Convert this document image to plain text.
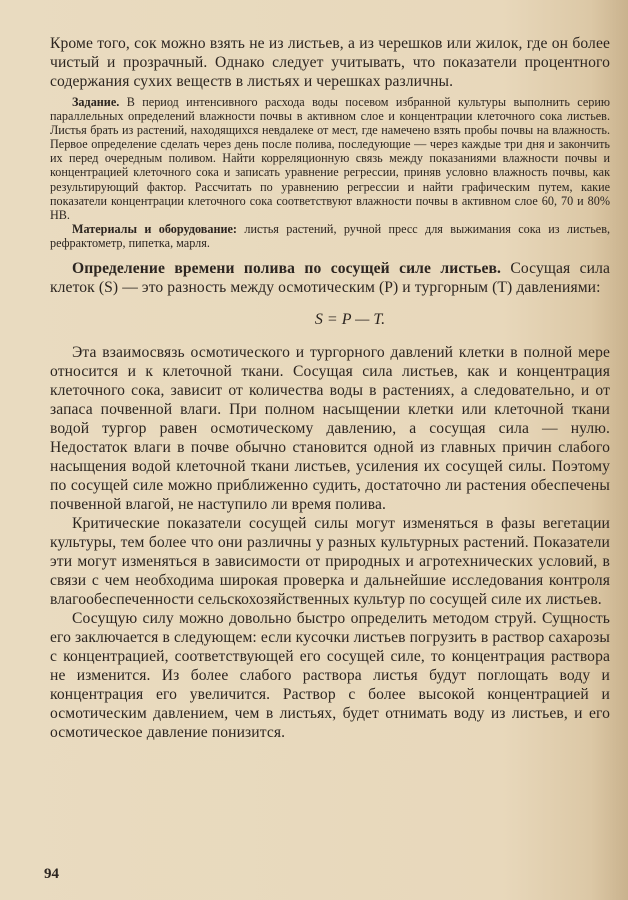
Кроме того, сок можно взять не из листьев, а из черешков или жилок, где он более чистый и прозрачный. Однако следует учитывать, что показатели процентного содержания сухих веществ в листьях и черешках различны.

Задание. В период интенсивного расхода воды посевом избранной культуры выполнить серию параллельных определений влажности почвы в активном слое и концентрации клеточного сока листьев. Листья брать из растений, находящихся невдалеке от мест, где намечено взять пробы почвы на влажность. Первое определение сделать через день после полива, последующие — через каждые три дня и закончить их перед очередным поливом. Найти корреляционную связь между показаниями влажности почвы и концентрацией клеточного сока и записать уравнение регрессии, приняв условно влажность почвы, как результирующий фактор. Рассчитать по уравнению регрессии и найти графическим путем, какие показатели концентрации клеточного сока соответствуют влажности почвы в активном слое 60, 70 и 80% НВ.

Материалы и оборудование: листья растений, ручной пресс для выжимания сока из листьев, рефрактометр, пипетка, марля.

Определение времени полива по сосущей силе листьев. Сосущая сила клеток (S) — это разность между осмотическим (P) и тургорным (T) давлениями:

S = P — T.

Эта взаимосвязь осмотического и тургорного давлений клетки в полной мере относится и к клеточной ткани. Сосущая сила листьев, как и концентрация клеточного сока, зависит от количества воды в растениях, а следовательно, и от запаса почвенной влаги. При полном насыщении клетки или клеточной ткани водой тургор равен осмотическому давлению, а сосущая сила — нулю. Недостаток влаги в почве обычно становится одной из главных причин слабого насыщения водой клеточной ткани листьев, усиления их сосущей силы. Поэтому по сосущей силе можно приближенно судить, достаточно ли растения обеспечены почвенной влагой, не наступило ли время полива.

Критические показатели сосущей силы могут изменяться в фазы вегетации культуры, тем более что они различны у разных культурных растений. Показатели эти могут изменяться в зависимости от природных и агротехнических условий, в связи с чем необходима широкая проверка и дальнейшие исследования контроля влагообеспеченности сельскохозяйственных культур по сосущей силе их листьев.

Сосущую силу можно довольно быстро определить методом струй. Сущность его заключается в следующем: если кусочки листьев погрузить в раствор сахарозы с концентрацией, соответствующей его сосущей силе, то концентрация раствора не изменится. Из более слабого раствора листья будут поглощать воду и концентрация его увеличится. Раствор с более высокой концентрацией и осмотическим давлением, чем в листьях, будет отнимать воду из листьев, и его осмотическое давление понизится.

94
